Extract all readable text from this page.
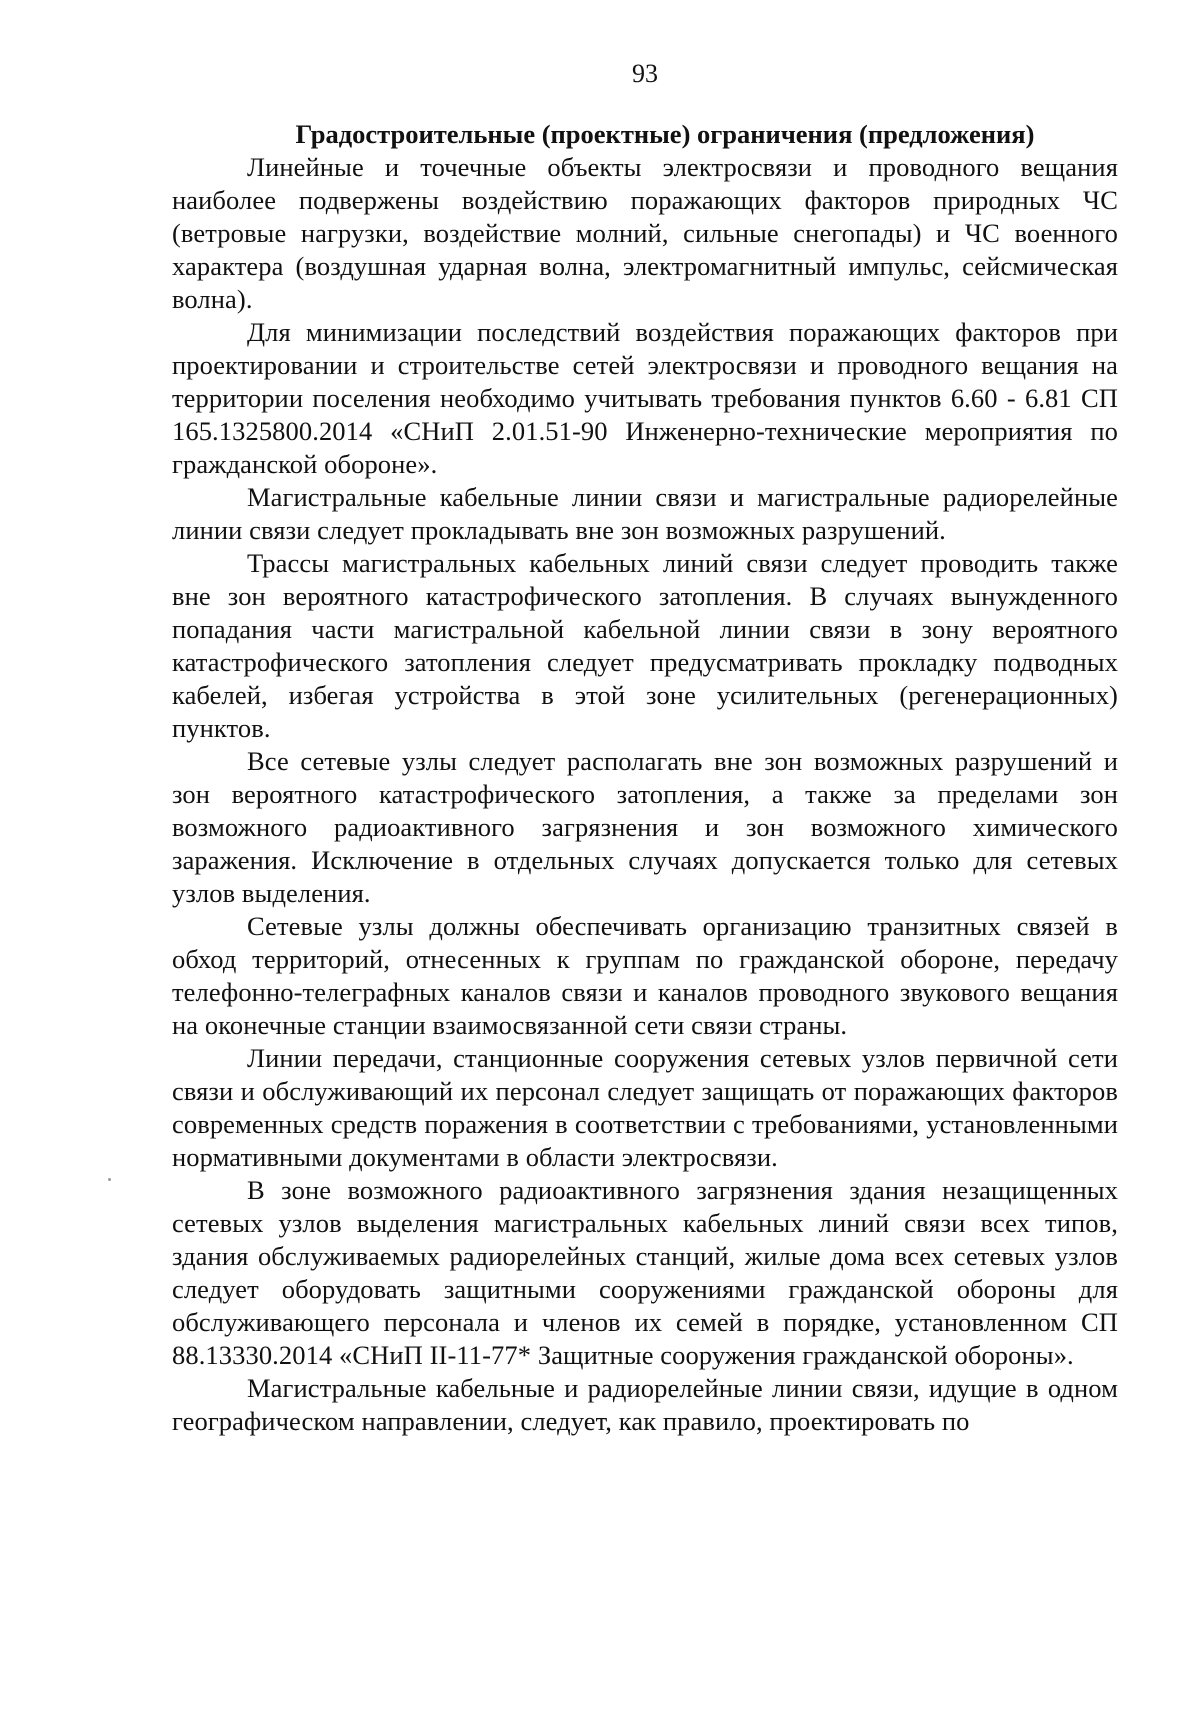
93

Градостроительные (проектные) ограничения (предложения)

Линейные и точечные объекты электросвязи и проводного вещания наиболее подвержены воздействию поражающих факторов природных ЧС (ветровые нагрузки, воздействие молний, сильные снегопады) и ЧС военного характера (воздушная ударная волна, электромагнитный импульс, сейсмическая волна).

Для минимизации последствий воздействия поражающих факторов при проектировании и строительстве сетей электросвязи и проводного вещания на территории поселения необходимо учитывать требования пунктов 6.60 - 6.81 СП 165.1325800.2014 «СНиП 2.01.51-90 Инженерно-технические мероприятия по гражданской обороне».

Магистральные кабельные линии связи и магистральные радиорелейные линии связи следует прокладывать вне зон возможных разрушений.

Трассы магистральных кабельных линий связи следует проводить также вне зон вероятного катастрофического затопления. В случаях вынужденного попадания части магистральной кабельной линии связи в зону вероятного катастрофического затопления следует предусматривать прокладку подводных кабелей, избегая устройства в этой зоне усилительных (регенерационных) пунктов.

Все сетевые узлы следует располагать вне зон возможных разрушений и зон вероятного катастрофического затопления, а также за пределами зон возможного радиоактивного загрязнения и зон возможного химического заражения. Исключение в отдельных случаях допускается только для сетевых узлов выделения.

Сетевые узлы должны обеспечивать организацию транзитных связей в обход территорий, отнесенных к группам по гражданской обороне, передачу телефонно-телеграфных каналов связи и каналов проводного звукового вещания на оконечные станции взаимосвязанной сети связи страны.

Линии передачи, станционные сооружения сетевых узлов первичной сети связи и обслуживающий их персонал следует защищать от поражающих факторов современных средств поражения в соответствии с требованиями, установленными нормативными документами в области электросвязи.

В зоне возможного радиоактивного загрязнения здания незащищенных сетевых узлов выделения магистральных кабельных линий связи всех типов, здания обслуживаемых радиорелейных станций, жилые дома всех сетевых узлов следует оборудовать защитными сооружениями гражданской обороны для обслуживающего персонала и членов их семей в порядке, установленном СП 88.13330.2014 «СНиП II-11-77* Защитные сооружения гражданской обороны».

Магистральные кабельные и радиорелейные линии связи, идущие в одном географическом направлении, следует, как правило, проектировать по
